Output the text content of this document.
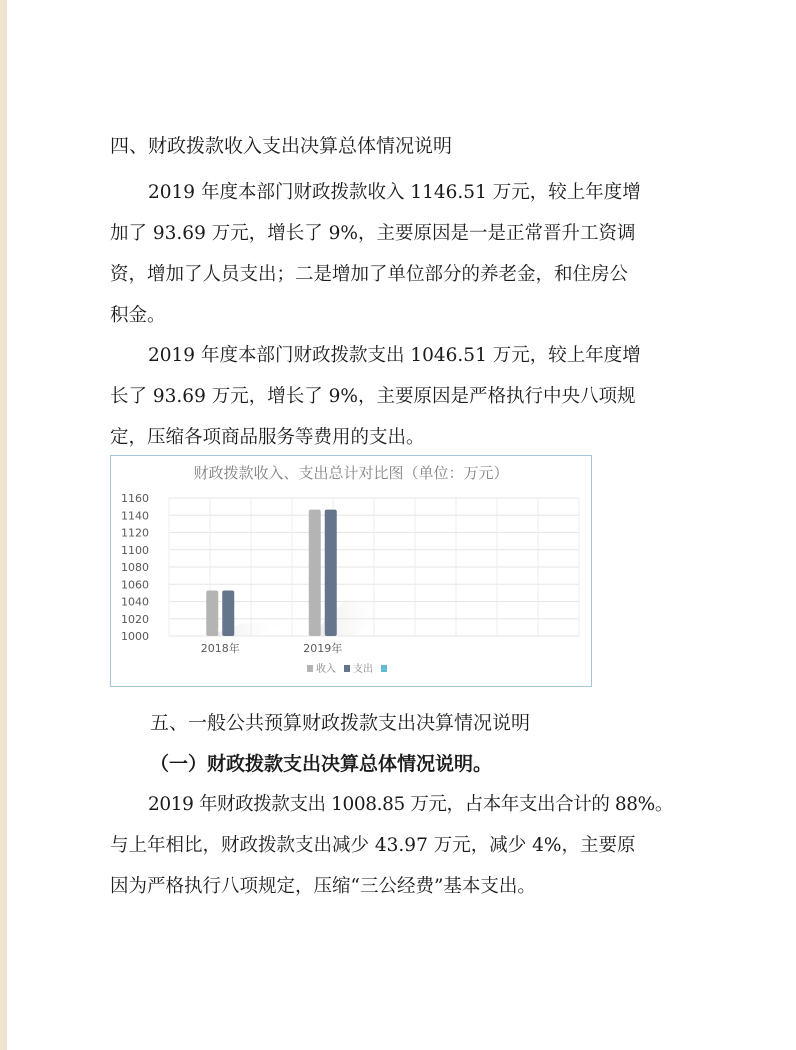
四、财政拨款收入支出决算总体情况说明
2019 年度本部门财政拨款收入 1146.51 万元，较上年度增
加了 93.69 万元，增长了 9%，主要原因是一是正常晋升工资调
资，增加了人员支出；二是增加了单位部分的养老金，和住房公
积金。
2019 年度本部门财政拨款支出 1046.51 万元，较上年度增
长了 93.69 万元，增长了 9%，主要原因是严格执行中央八项规
定，压缩各项商品服务等费用的支出。
财政拨款收入、支出总计对比图（单位：万元）
1000
1020
1040
1060
1080
1100
1120
1140
1160
2018年	2019年
收入 支出
五、一般公共预算财政拨款支出决算情况说明
（一）财政拨款支出决算总体情况说明。
2019 年财政拨款支出 1008.85 万元，占本年支出合计的 88%。
与上年相比，财政拨款支出减少 43.97 万元，减少 4%，主要原
因为严格执行八项规定，压缩“三公经费”基本支出。
